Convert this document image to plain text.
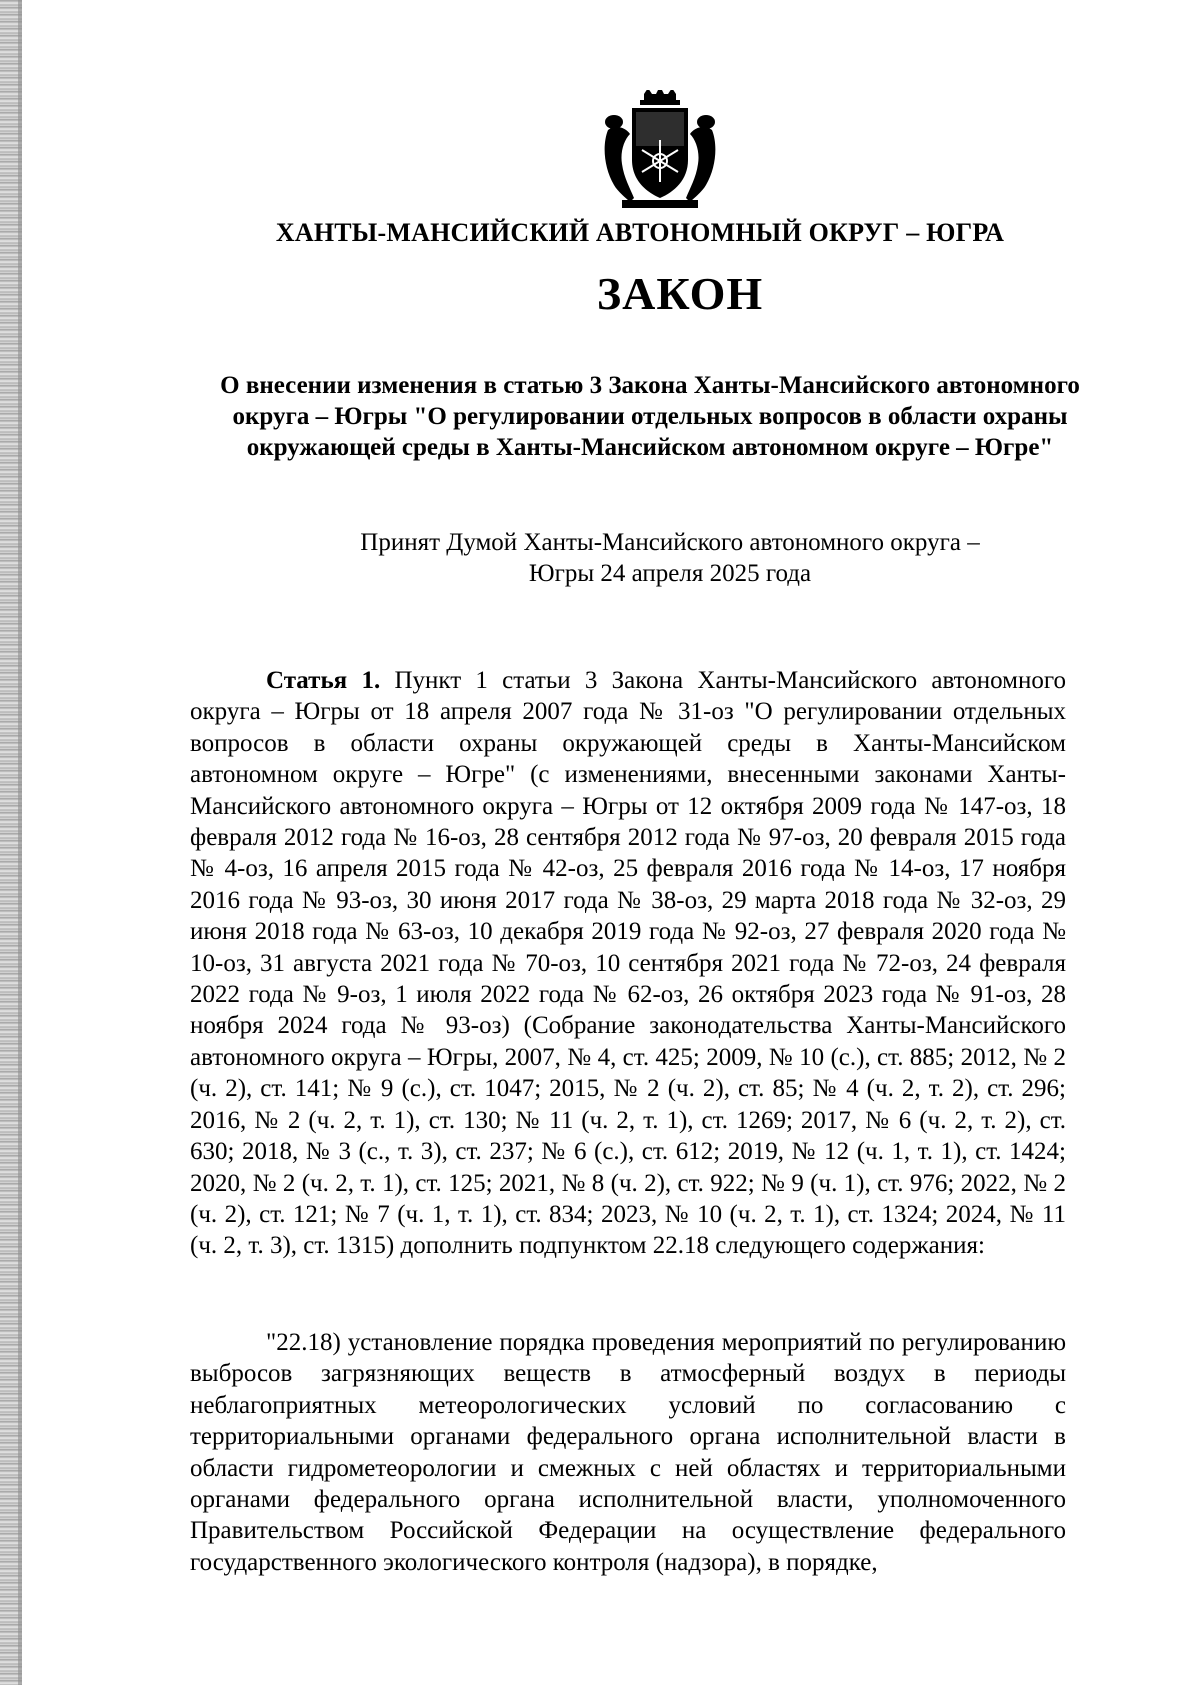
ХАНТЫ-МАНСИЙСКИЙ АВТОНОМНЫЙ ОКРУГ – ЮГРА
ЗАКОН
О внесении изменения в статью 3 Закона Ханты-Мансийского автономного округа – Югры "О регулировании отдельных вопросов в области охраны окружающей среды в Ханты-Мансийском автономном округе – Югре"
Принят Думой Ханты-Мансийского автономного округа – Югры 24 апреля 2025 года

Статья 1. Пункт 1 статьи 3 Закона Ханты-Мансийского автономного округа – Югры от 18 апреля 2007 года № 31-оз "О регулировании отдельных вопросов в области охраны окружающей среды в Ханты-Мансийском автономном округе – Югре" (с изменениями, внесенными законами Ханты-Мансийского автономного округа – Югры от 12 октября 2009 года № 147-оз, 18 февраля 2012 года № 16-оз, 28 сентября 2012 года № 97-оз, 20 февраля 2015 года № 4-оз, 16 апреля 2015 года № 42-оз, 25 февраля 2016 года № 14-оз, 17 ноября 2016 года № 93-оз, 30 июня 2017 года № 38-оз, 29 марта 2018 года № 32-оз, 29 июня 2018 года № 63-оз, 10 декабря 2019 года № 92-оз, 27 февраля 2020 года № 10-оз, 31 августа 2021 года № 70-оз, 10 сентября 2021 года № 72-оз, 24 февраля 2022 года № 9-оз, 1 июля 2022 года № 62-оз, 26 октября 2023 года № 91-оз, 28 ноября 2024 года № 93-оз) (Собрание законодательства Ханты-Мансийского автономного округа – Югры, 2007, № 4, ст. 425; 2009, № 10 (с.), ст. 885; 2012, № 2 (ч. 2), ст. 141; № 9 (с.), ст. 1047; 2015, № 2 (ч. 2), ст. 85; № 4 (ч. 2, т. 2), ст. 296; 2016, № 2 (ч. 2, т. 1), ст. 130; № 11 (ч. 2, т. 1), ст. 1269; 2017, № 6 (ч. 2, т. 2), ст. 630; 2018, № 3 (с., т. 3), ст. 237; № 6 (с.), ст. 612; 2019, № 12 (ч. 1, т. 1), ст. 1424; 2020, № 2 (ч. 2, т. 1), ст. 125; 2021, № 8 (ч. 2), ст. 922; № 9 (ч. 1), ст. 976; 2022, № 2 (ч. 2), ст. 121; № 7 (ч. 1, т. 1), ст. 834; 2023, № 10 (ч. 2, т. 1), ст. 1324; 2024, № 11 (ч. 2, т. 3), ст. 1315) дополнить подпунктом 22.18 следующего содержания:

"22.18) установление порядка проведения мероприятий по регулированию выбросов загрязняющих веществ в атмосферный воздух в периоды неблагоприятных метеорологических условий по согласованию с территориальными органами федерального органа исполнительной власти в области гидрометеорологии и смежных с ней областях и территориальными органами федерального органа исполнительной власти, уполномоченного Правительством Российской Федерации на осуществление федерального государственного экологического контроля (надзора), в порядке,
